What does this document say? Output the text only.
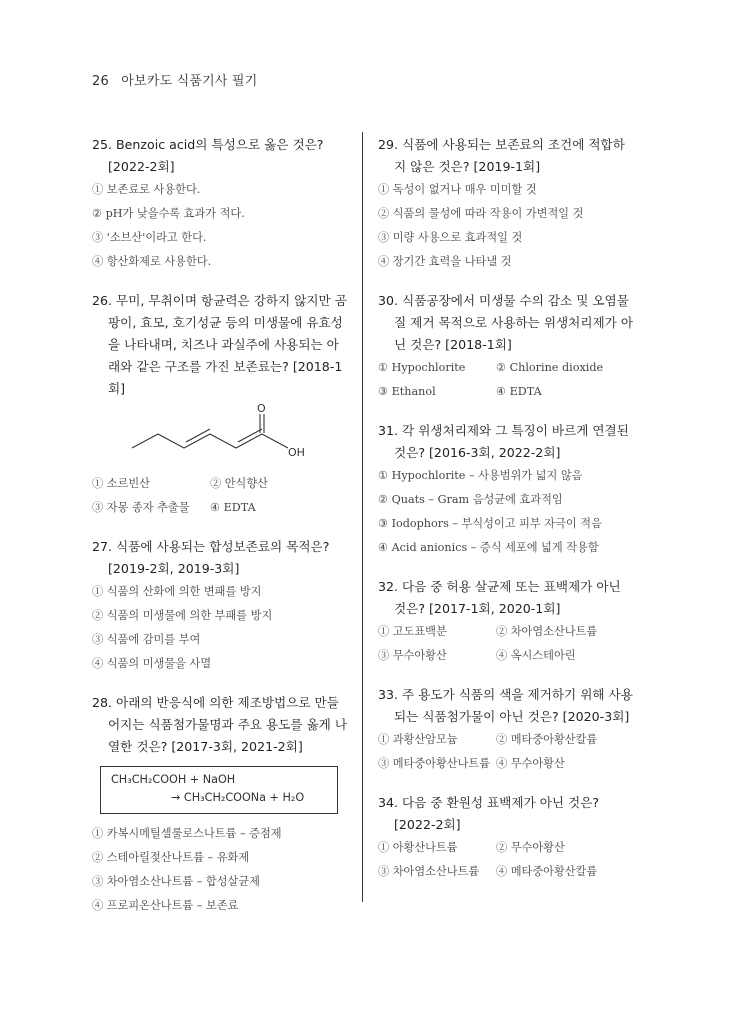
26 아보카도 식품기사 필기
25. Benzoic acid의 특성으로 옳은 것은? [2022-2회]
① 보존료로 사용한다.
② pH가 낮을수록 효과가 적다.
③ '소브산'이라고 한다.
④ 항산화제로 사용한다.
26. 무미, 무취이며 항균력은 강하지 않지만 곰팡이, 효모, 호기성균 등의 미생물에 유효성을 나타내며, 치즈나 과실주에 사용되는 아래와 같은 구조를 가진 보존료는? [2018-1회]
O
OH
① 소르빈산	② 안식향산
③ 자몽 종자 추출물	④ EDTA
27. 식품에 사용되는 합성보존료의 목적은? [2019-2회, 2019-3회]
① 식품의 산화에 의한 변패를 방지
② 식품의 미생물에 의한 부패를 방지
③ 식품에 감미를 부여
④ 식품의 미생물을 사멸
28. 아래의 반응식에 의한 제조방법으로 만들어지는 식품첨가물명과 주요 용도를 옳게 나열한 것은? [2017-3회, 2021-2회]
CH₃CH₂COOH + NaOH
→ CH₃CH₂COONa + H₂O
① 카복시메틸셀룰로스나트륨 – 증점제
② 스테아릴젖산나트륨 – 유화제
③ 차아염소산나트륨 – 합성살균제
④ 프로피온산나트륨 – 보존료
29. 식품에 사용되는 보존료의 조건에 적합하지 않은 것은? [2019-1회]
① 독성이 없거나 매우 미미할 것
② 식품의 물성에 따라 작용이 가변적일 것
③ 미량 사용으로 효과적일 것
④ 장기간 효력을 나타낼 것
30. 식품공장에서 미생물 수의 감소 및 오염물질 제거 목적으로 사용하는 위생처리제가 아닌 것은? [2018-1회]
① Hypochlorite	② Chlorine dioxide
③ Ethanol	④ EDTA
31. 각 위생처리제와 그 특징이 바르게 연결된 것은? [2016-3회, 2022-2회]
① Hypochlorite – 사용범위가 넓지 않음
② Quats – Gram 음성균에 효과적임
③ Iodophors – 부식성이고 피부 자극이 적음
④ Acid anionics – 증식 세포에 넓게 작용함
32. 다음 중 허용 살균제 또는 표백제가 아닌 것은? [2017-1회, 2020-1회]
① 고도표백분	② 차아염소산나트륨
③ 무수아황산	④ 옥시스테아린
33. 주 용도가 식품의 색을 제거하기 위해 사용되는 식품첨가물이 아닌 것은? [2020-3회]
① 과황산암모늄	② 메타중아황산칼륨
③ 메타중아황산나트륨 ④ 무수아황산
34. 다음 중 환원성 표백제가 아닌 것은? [2022-2회]
① 아황산나트륨	② 무수아황산
③ 차아염소산나트륨	④ 메타중아황산칼륨
